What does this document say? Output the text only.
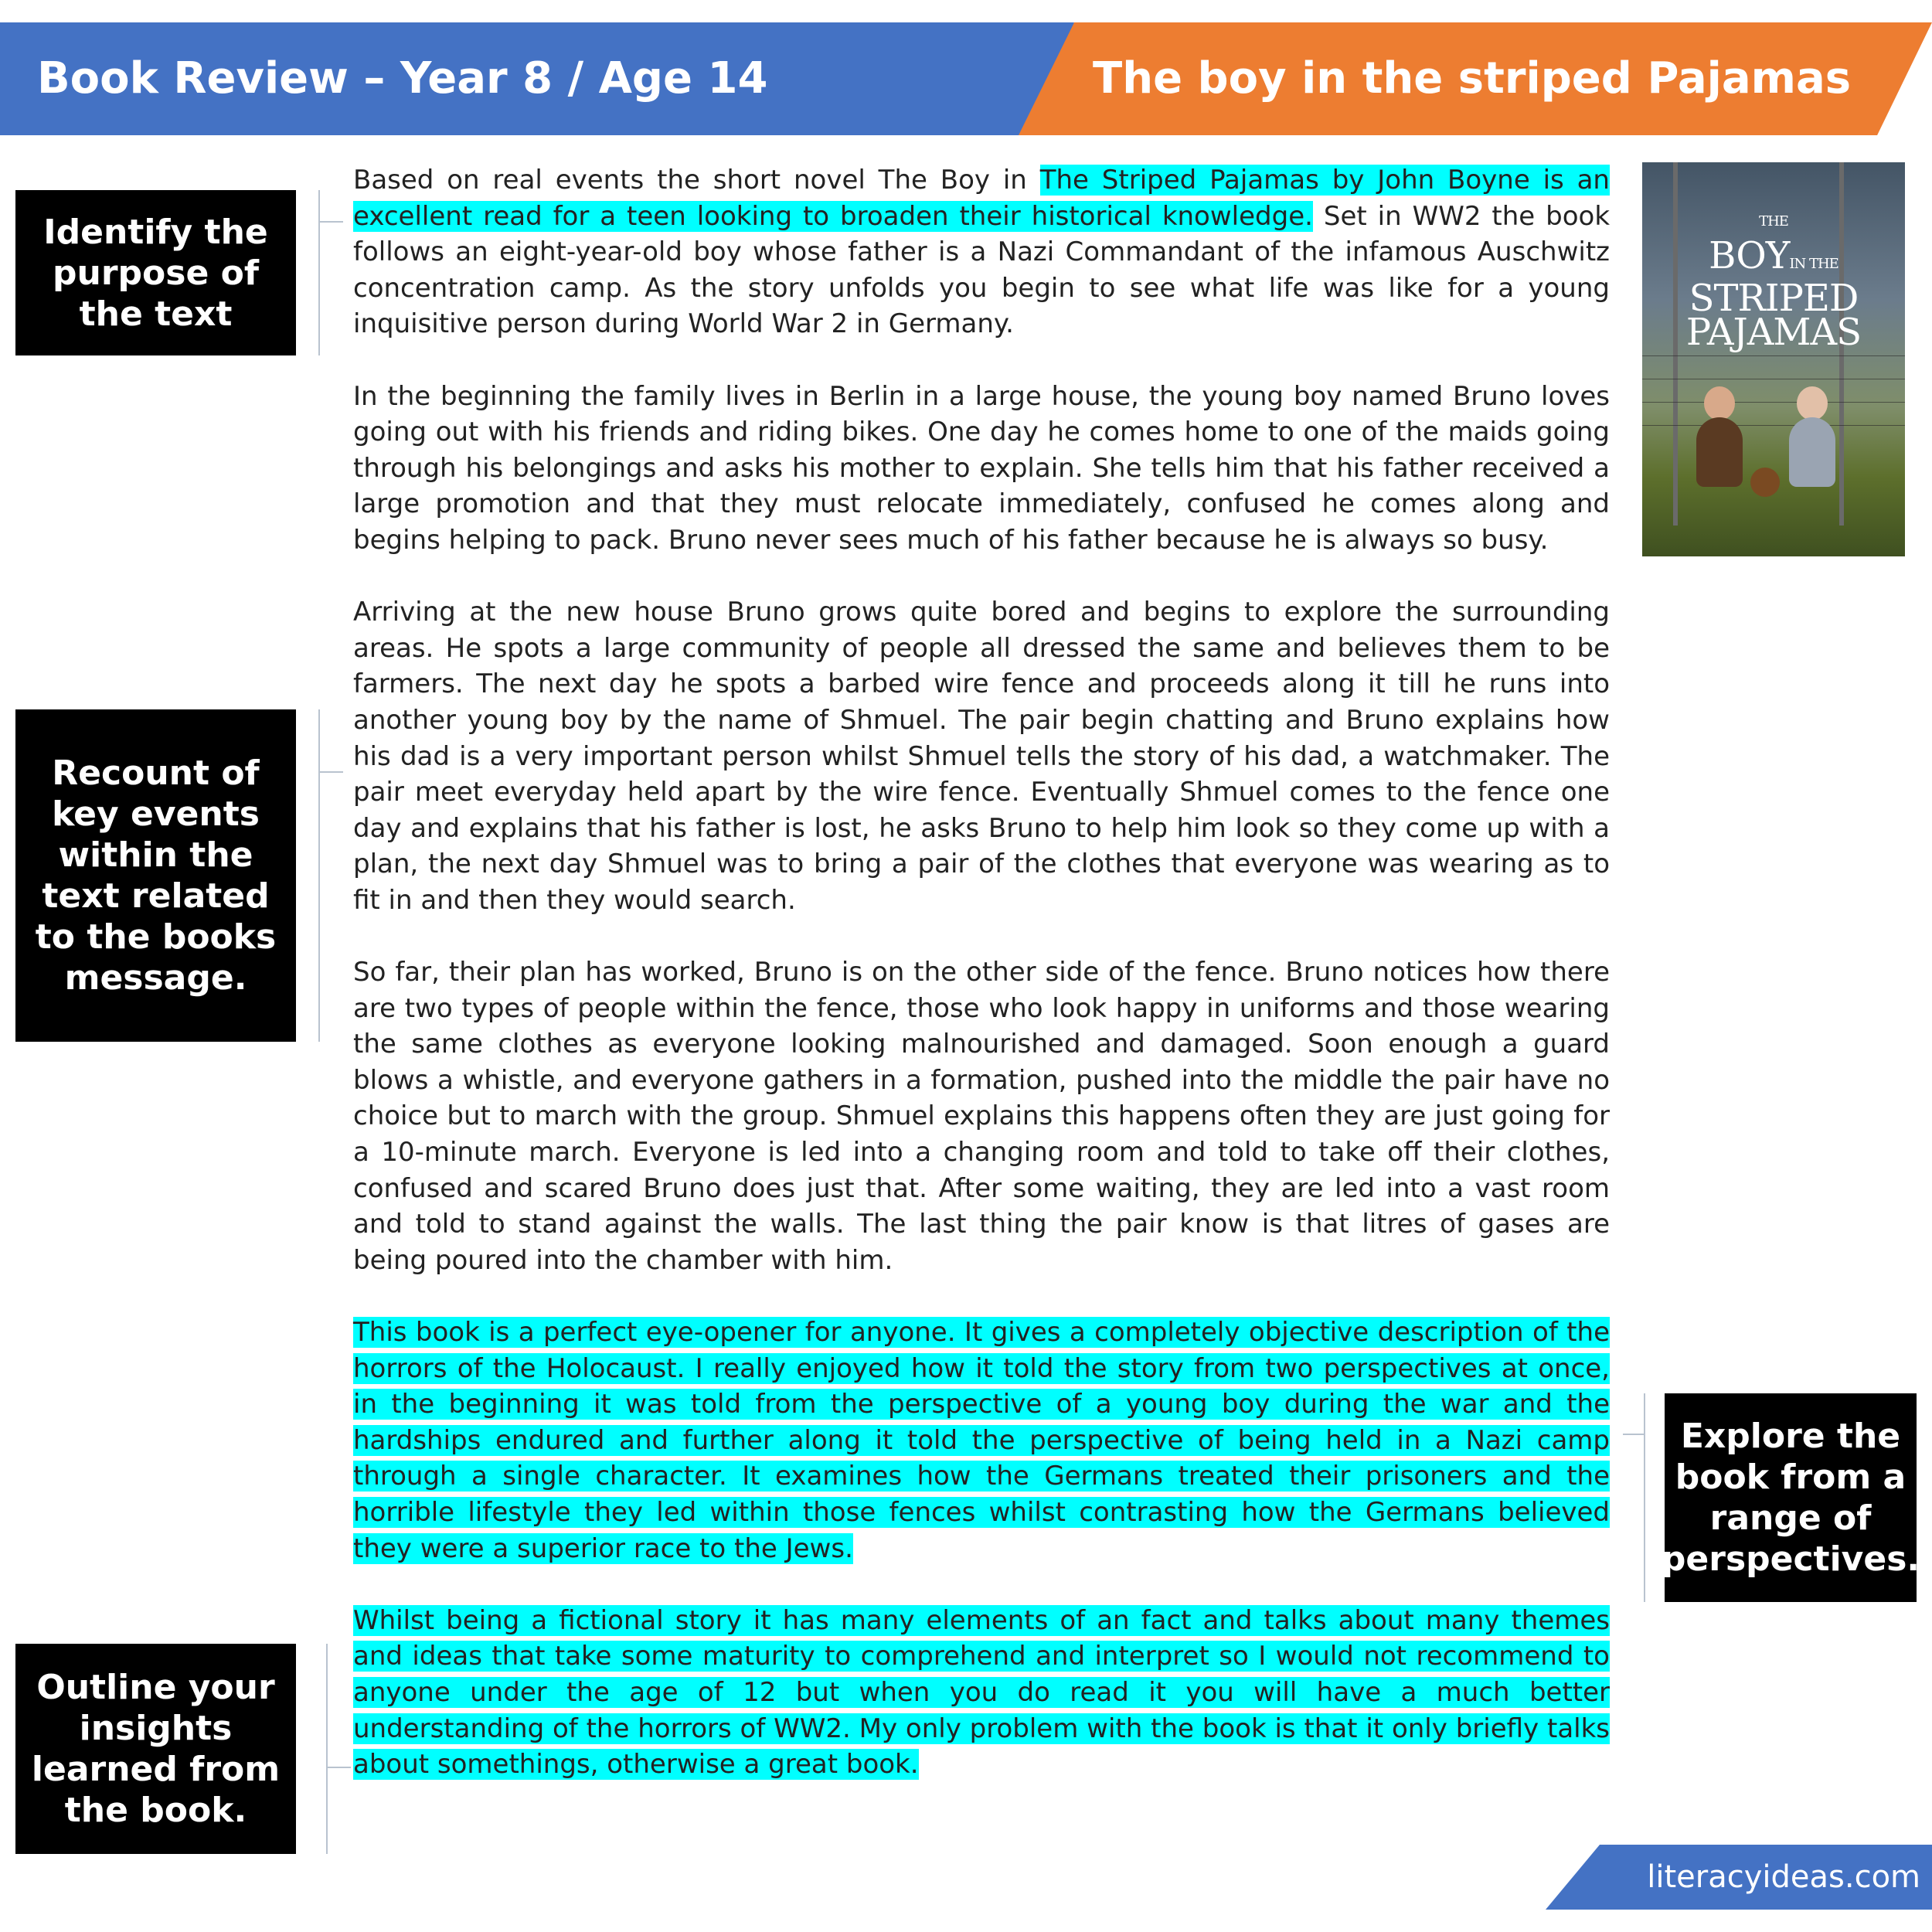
Book Review – Year 8 / Age 14	The boy in the striped Pajamas
Identify the purpose of the text
Recount of key events within the text related to the books message.
Explore the book from a range of perspectives.
Outline your insights learned from the book.

Based on real events the short novel The Boy in The Striped Pajamas by John Boyne is an excellent read for a teen looking to broaden their historical knowledge. Set in WW2 the book follows an eight-year-old boy whose father is a Nazi Commandant of the infamous Auschwitz concentration camp. As the story unfolds you begin to see what life was like for a young inquisitive person during World War 2 in Germany.

In the beginning the family lives in Berlin in a large house, the young boy named Bruno loves going out with his friends and riding bikes. One day he comes home to one of the maids going through his belongings and asks his mother to explain. She tells him that his father received a large promotion and that they must relocate immediately, confused he comes along and begins helping to pack. Bruno never sees much of his father because he is always so busy.

Arriving at the new house Bruno grows quite bored and begins to explore the surrounding areas. He spots a large community of people all dressed the same and believes them to be farmers. The next day he spots a barbed wire fence and proceeds along it till he runs into another young boy by the name of Shmuel. The pair begin chatting and Bruno explains how his dad is a very important person whilst Shmuel tells the story of his dad, a watchmaker. The pair meet everyday held apart by the wire fence. Eventually Shmuel comes to the fence one day and explains that his father is lost, he asks Bruno to help him look so they come up with a plan, the next day Shmuel was to bring a pair of the clothes that everyone was wearing as to fit in and then they would search.

So far, their plan has worked, Bruno is on the other side of the fence. Bruno notices how there are two types of people within the fence, those who look happy in uniforms and those wearing the same clothes as everyone looking malnourished and damaged. Soon enough a guard blows a whistle, and everyone gathers in a formation, pushed into the middle the pair have no choice but to march with the group. Shmuel explains this happens often they are just going for a 10-minute march. Everyone is led into a changing room and told to take off their clothes, confused and scared Bruno does just that. After some waiting, they are led into a vast room and told to stand against the walls. The last thing the pair know is that litres of gases are being poured into the chamber with him.

This book is a perfect eye-opener for anyone. It gives a completely objective description of the horrors of the Holocaust. I really enjoyed how it told the story from two perspectives at once, in the beginning it was told from the perspective of a young boy during the war and the hardships endured and further along it told the perspective of being held in a Nazi camp through a single character. It examines how the Germans treated their prisoners and the horrible lifestyle they led within those fences whilst contrasting how the Germans believed they were a superior race to the Jews.

Whilst being a fictional story it has many elements of an fact and talks about many themes and ideas that take some maturity to comprehend and interpret so I would not recommend to anyone under the age of 12 but when you do read it you will have a much better understanding of the horrors of WW2. My only problem with the book is that it only briefly talks about somethings, otherwise a great book.

THE
BOYIN THE
STRIPED
PAJAMAS
literacyideas.com
